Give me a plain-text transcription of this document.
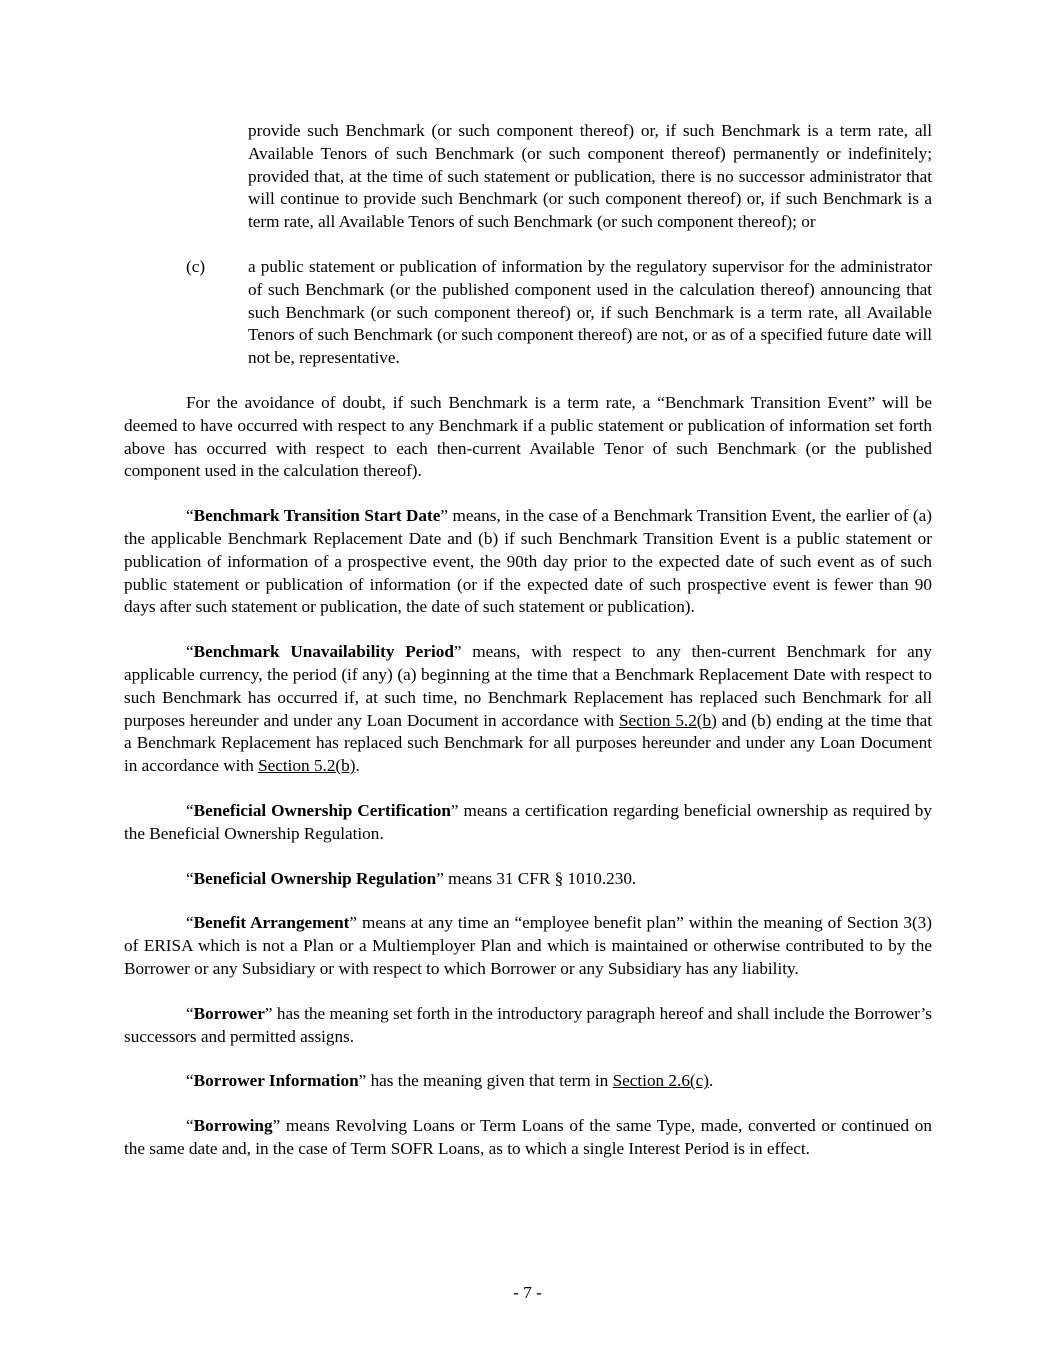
provide such Benchmark (or such component thereof) or, if such Benchmark is a term rate, all Available Tenors of such Benchmark (or such component thereof) permanently or indefinitely; provided that, at the time of such statement or publication, there is no successor administrator that will continue to provide such Benchmark (or such component thereof) or, if such Benchmark is a term rate, all Available Tenors of such Benchmark (or such component thereof); or

(c) a public statement or publication of information by the regulatory supervisor for the administrator of such Benchmark (or the published component used in the calculation thereof) announcing that such Benchmark (or such component thereof) or, if such Benchmark is a term rate, all Available Tenors of such Benchmark (or such component thereof) are not, or as of a specified future date will not be, representative.

For the avoidance of doubt, if such Benchmark is a term rate, a “Benchmark Transition Event” will be deemed to have occurred with respect to any Benchmark if a public statement or publication of information set forth above has occurred with respect to each then-current Available Tenor of such Benchmark (or the published component used in the calculation thereof).

“Benchmark Transition Start Date” means, in the case of a Benchmark Transition Event, the earlier of (a) the applicable Benchmark Replacement Date and (b) if such Benchmark Transition Event is a public statement or publication of information of a prospective event, the 90th day prior to the expected date of such event as of such public statement or publication of information (or if the expected date of such prospective event is fewer than 90 days after such statement or publication, the date of such statement or publication).

“Benchmark Unavailability Period” means, with respect to any then-current Benchmark for any applicable currency, the period (if any) (a) beginning at the time that a Benchmark Replacement Date with respect to such Benchmark has occurred if, at such time, no Benchmark Replacement has replaced such Benchmark for all purposes hereunder and under any Loan Document in accordance with Section 5.2(b) and (b) ending at the time that a Benchmark Replacement has replaced such Benchmark for all purposes hereunder and under any Loan Document in accordance with Section 5.2(b).

“Beneficial Ownership Certification” means a certification regarding beneficial ownership as required by the Beneficial Ownership Regulation.

“Beneficial Ownership Regulation” means 31 CFR § 1010.230.

“Benefit Arrangement” means at any time an “employee benefit plan” within the meaning of Section 3(3) of ERISA which is not a Plan or a Multiemployer Plan and which is maintained or otherwise contributed to by the Borrower or any Subsidiary or with respect to which Borrower or any Subsidiary has any liability.

“Borrower” has the meaning set forth in the introductory paragraph hereof and shall include the Borrower’s successors and permitted assigns.

“Borrower Information” has the meaning given that term in Section 2.6(c).

“Borrowing” means Revolving Loans or Term Loans of the same Type, made, converted or continued on the same date and, in the case of Term SOFR Loans, as to which a single Interest Period is in effect.

- 7 -
